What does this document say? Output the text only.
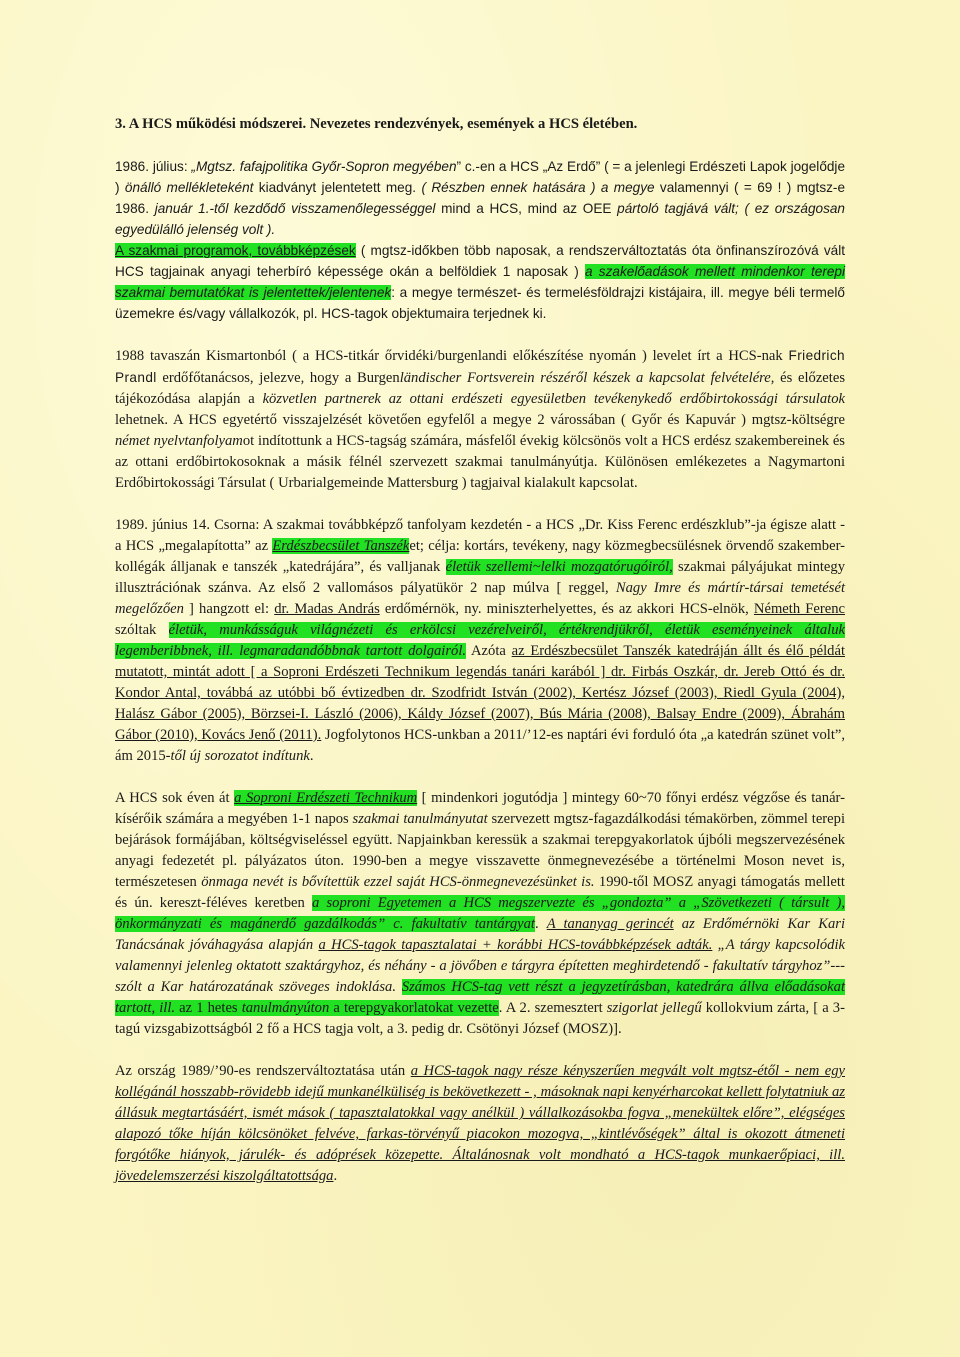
3. A HCS működési módszerei. Nevezetes rendezvények, események a HCS életében.

1986. július: „Mgtsz. fafajpolitika Győr-Sopron megyében” c.-en a HCS „Az Erdő” ( = a jelenlegi Erdészeti Lapok jogelődje ) önálló mellékleteként kiadványt jelentetett meg. ( Részben ennek hatására ) a megye valamennyi ( = 69 ! ) mgtsz-e 1986. január 1.-től kezdődő visszamenőlegességgel mind a HCS, mind az OEE pártoló tagjává vált; ( ez országosan egyedülálló jelenség volt ).
A szakmai programok, továbbképzések ( mgtsz-időkben több naposak, a rendszerváltoztatás óta önfinanszírozóvá vált HCS tagjainak anyagi teherbíró képessége okán a belföldiek 1 naposak ) a szakelőadások mellett mindenkor terepi szakmai bemutatókat is jelentettek/jelentenek: a megye természet- és termelésföldrajzi kistájaira, ill. megye béli termelő üzemekre és/vagy vállalkozók, pl. HCS-tagok objektumaira terjednek ki.

1988 tavaszán Kismartonból ( a HCS-titkár őrvidéki/burgenlandi előkészítése nyomán ) levelet írt a HCS-nak Friedrich Prandl erdőfőtanácsos, jelezve, hogy a Burgenländischer Fortsverein részéről készek a kapcsolat felvételére, és előzetes tájékozódása alapján a közvetlen partnerek az ottani erdészeti egyesületben tevékenykedő erdőbirtokossági társulatok lehetnek. A HCS egyetértő visszajelzését követően egyfelől a megye 2 várossában ( Győr és Kapuvár ) mgtsz-költségre német nyelvtanfolyamot indítottunk a HCS-tagság számára, másfelől évekig kölcsönös volt a HCS erdész szakembereinek és az ottani erdőbirtokosoknak a másik félnél szervezett szakmai tanulmányútja. Különösen emlékezetes a Nagymartoni Erdőbirtokossági Társulat ( Urbarialgemeinde Mattersburg ) tagjaival kialakult kapcsolat.

1989. június 14. Csorna: A szakmai továbbképző tanfolyam kezdetén - a HCS „Dr. Kiss Ferenc erdészklub”-ja égisze alatt - a HCS „megalapította” az Erdészbecsület Tanszéket; célja: kortárs, tevékeny, nagy közmegbecsülésnek örvendő szakember-kollégák álljanak e tanszék „katedrájára”, és valljanak életük szellemi~lelki mozgatórugóiról, szakmai pályájukat mintegy illusztrációnak szánva. Az első 2 vallomásos pályatükör 2 nap múlva [ reggel, Nagy Imre és mártír-társai temetését megelőzően ] hangzott el: dr. Madas András erdőmérnök, ny. miniszterhelyettes, és az akkori HCS-elnök, Németh Ferenc szóltak életük, munkásságuk világnézeti és erkölcsi vezérelveiről, értékrendjükről, életük eseményeinek általuk legemberibbnek, ill. legmaradandóbbnak tartott dolgairól. Azóta az Erdészbecsület Tanszék katedráján állt és élő példát mutatott, mintát adott [ a Soproni Erdészeti Technikum legendás tanári karából ] dr. Firbás Oszkár, dr. Jereb Ottó és dr. Kondor Antal, továbbá az utóbbi bő évtizedben dr. Szodfridt István (2002), Kertész József (2003), Riedl Gyula (2004), Halász Gábor (2005), Börzsei-I. László (2006), Káldy József (2007), Bús Mária (2008), Balsay Endre (2009), Ábrahám Gábor (2010), Kovács Jenő (2011). Jogfolytonos HCS-unkban a 2011/’12-es naptári évi forduló óta „a katedrán szünet volt”, ám 2015-től új sorozatot indítunk.

A HCS sok éven át a Soproni Erdészeti Technikum [ mindenkori jogutódja ] mintegy 60~70 főnyi erdész végzőse és tanár-kísérőik számára a megyében 1-1 napos szakmai tanulmányutat szervezett mgtsz-fagazdálkodási témakörben, zömmel terepi bejárások formájában, költségviseléssel együtt. Napjainkban keressük a szakmai terepgyakorlatok újbóli megszervezésének anyagi fedezetét pl. pályázatos úton. 1990-ben a megye visszavette önmegnevezésébe a történelmi Moson nevet is, természetesen önmaga nevét is bővítettük ezzel saját HCS-önmegnevezésünket is. 1990-től MOSZ anyagi támogatás mellett és ún. kereszt-féléves keretben a soproni Egyetemen a HCS megszervezte és „gondozta” a „Szövetkezeti ( társult ), önkormányzati és magánerdő gazdálkodás” c. fakultatív tantárgyat. A tananyag gerincét az Erdőmérnöki Kar Kari Tanácsának jóváhagyása alapján a HCS-tagok tapasztalatai + korábbi HCS-továbbképzések adták. „A tárgy kapcsolódik valamennyi jelenleg oktatott szaktárgyhoz, és néhány - a jövőben e tárgyra építetten meghirdetendő - fakultatív tárgyhoz”--- szólt a Kar határozatának szöveges indoklása. Számos HCS-tag vett részt a jegyzetírásban, katedrára állva előadásokat tartott, ill. az 1 hetes tanulmányúton a terepgyakorlatokat vezette. A 2. szemesztert szigorlat jellegű kollokvium zárta, [ a 3-tagú vizsgabizottságból 2 fő a HCS tagja volt, a 3. pedig dr. Csötönyi József (MOSZ)].

Az ország 1989/’90-es rendszerváltoztatása után a HCS-tagok nagy része kényszerűen megvált volt mgtsz-étől - nem egy kollégánál hosszabb-rövidebb idejű munkanélküliség is bekövetkezett - , másoknak napi kenyérharcokat kellett folytatniuk az állásuk megtartásáért, ismét mások ( tapasztalatokkal vagy anélkül ) vállalkozásokba fogva „menekültek előre”, elégséges alapozó tőke híján kölcsönöket felvéve, farkas-törvényű piacokon mozogva, „kintlévőségek” által is okozott átmeneti forgótőke hiányok, járulék- és adóprések közepette. Általánosnak volt mondható a HCS-tagok munkaerőpiaci, ill. jövedelemszerzési kiszolgáltatottsága.
